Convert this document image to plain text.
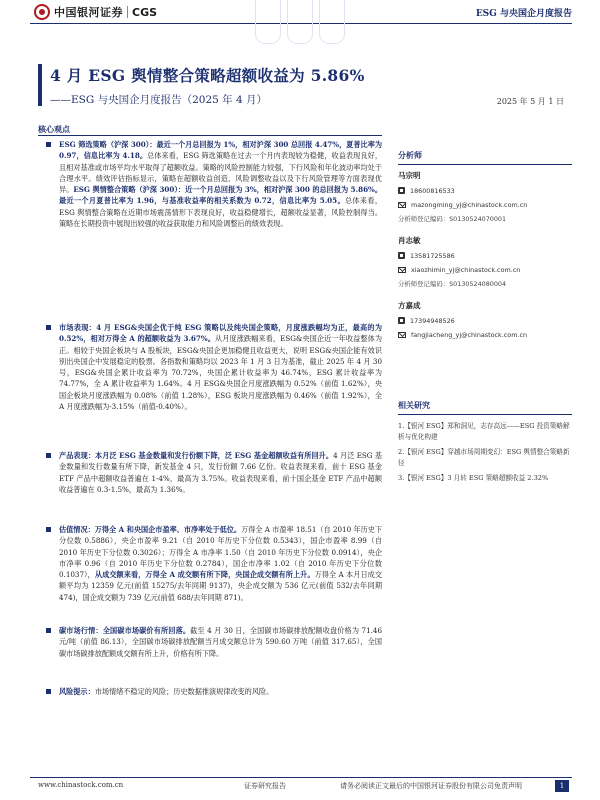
中国银河证券 CGS	ESG 与央国企月度报告
4 月 ESG 舆情整合策略超额收益为 5.86%
——ESG 与央国企月度报告（2025 年 4 月）	2025 年 5 月 1 日
核心观点
ESG 筛选策略（沪深 300）：最近一个月总回报为 1%，相对沪深 300 总回报 4.47%，夏普比率为 0.97，信息比率为 4.18。总体来看，ESG 筛选策略在过去一个月内表现较为稳健，收益表现良好，且相对基准或市场平均水平取得了超额收益。策略的风险控制能力较强，下行风险和年化波动率均处于合理水平。绩效评估指标显示，策略在超额收益创造、风险调整收益以及下行风险管理等方面表现优异。ESG 舆情整合策略（沪深 300）：近一个月总回报为 3%，相对沪深 300 的总回报为 5.86%。最近一个月夏普比率为 1.96，与基准收益率的相关系数为 0.72，信息比率为 5.05。总体来看，ESG 舆情整合策略在近期市场震荡情形下表现良好，收益稳健增长，超额收益显著，风险控制得当。策略在长期投资中展现出较强的收益获取能力和风险调整后的绩效表现。
市场表现：4 月 ESG&央国企优于纯 ESG 策略以及纯央国企策略，月度涨跌幅均为正，最高的为 0.52%，相对万得全 A 的超额收益为 3.67%。从月度涨跌幅来看，ESG&央国企近一年收益整体为正。相较于央国企板块与 A 股板块，ESG&央国企更加稳健且收益更大，说明 ESG&央国企能有效识别出央国企中发展稳定的股票。各指数和策略均以 2023 年 1 月 3 日为基准，截止 2025 年 4 月 30 号，ESG&央国企累计收益率为 70.72%，央国企累计收益率为 46.74%，ESG 累计收益率为 74.77%，全 A 累计收益率为 1.64%。4 月 ESG&央国企月度涨跌幅为 0.52%（前值 1.62%），央国企板块月度涨跌幅为 0.08%（前值 1.28%），ESG 板块月度涨跌幅为 0.46%（前值 1.92%），全 A 月度涨跌幅为-3.15%（前值-0.40%）。
产品表现：本月泛 ESG 基金数量和发行份额下降，泛 ESG 基金超额收益有所回升。4 月泛 ESG 基金数量和发行数量有所下降，新发基金 4 只，发行份额 7.66 亿份。收益表现来看，前十 ESG 基金 ETF 产品中超额收益普遍在 1-4%，最高为 3.75%。收益表现来看，前十国企基金 ETF 产品中超额收益普遍在 0.3-1.5%，最高为 1.36%。
估值情况：万得全 A 和央国企市盈率、市净率处于低位。万得全 A 市盈率 18.51（自 2010 年历史下分位数 0.5886），央企市盈率 9.21（自 2010 年历史下分位数 0.5343），国企市盈率 8.99（自 2010 年历史下分位数 0.3026）；万得全 A 市净率 1.50（自 2010 年历史下分位数 0.0914），央企市净率 0.96（自 2010 年历史下分位数 0.2784），国企市净率 1.02（自 2010 年历史下分位数 0.1037），从成交额来看，万得全 A 成交额有所下降，央国企成交额有所上升。万得全 A 本月日成交额平均为 12359 亿元(前值 15275/去年同期 9137)，央企成交额为 536 亿元(前值 532/去年同期 474)，国企成交额为 739 亿元(前值 688/去年同期 871)。
碳市场行情：全国碳市场碳价有所回落。截至 4 月 30 日，全国碳市场碳排放配额收盘价格为 71.46 元/吨（前值 86.13），全国碳市场碳排放配额当月成交额总计为 590.60 万吨（前值 317.65），全国碳市场碳排放配额成交额有所上升，价格有所下降。
风险提示：市场情绪不稳定的风险；历史数据推演规律改变的风险。
分析师
马宗明
18600816533
mazongming_yj@chinastock.com.cn
分析师登记编码：S0130524070001
肖志敏
13581725586
xiaozhimin_yj@chinastock.com.cn
分析师登记编码：S0130524080004
方嘉成
17394948526
fangjiacheng_yj@chinastock.com.cn
相关研究
1.【银河 ESG】郑和洞见，志存高远——ESG 投资策略解析与优化构建
2.【银河 ESG】穿越市场周期变幻：ESG 舆情整合策略新径
3.【银河 ESG】3 月转 ESG 策略超额收益 2.32%
www.chinastock.com.cn	证券研究报告	请务必阅读正文最后的中国银河证券股份有限公司免责声明	1
